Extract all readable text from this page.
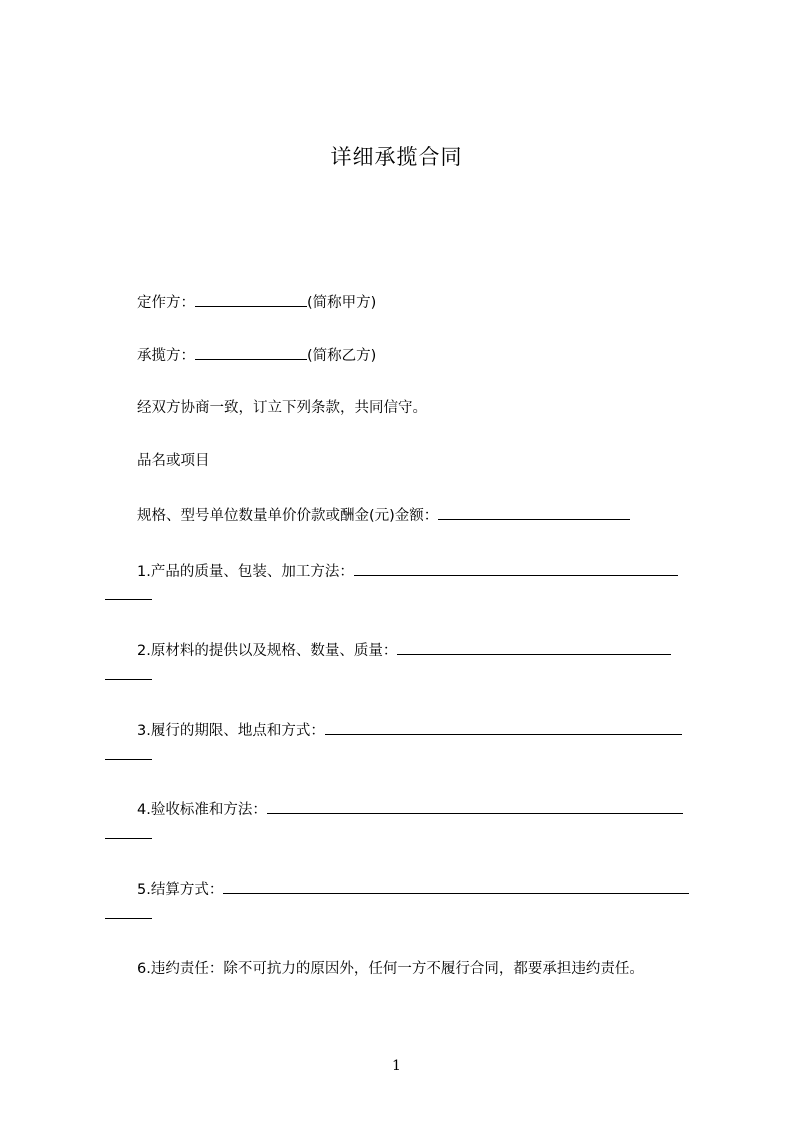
详细承揽合同
定作方：	(简称甲方)
承揽方：	(简称乙方)
经双方协商一致，订立下列条款，共同信守。
品名或项目
规格、型号单位数量单价价款或酬金(元)金额：
1.产品的质量、包装、加工方法：
2.原材料的提供以及规格、数量、质量：
3.履行的期限、地点和方式：
4.验收标准和方法：
5.结算方式：
6.违约责任：除不可抗力的原因外，任何一方不履行合同，都要承担违约责任。
1
